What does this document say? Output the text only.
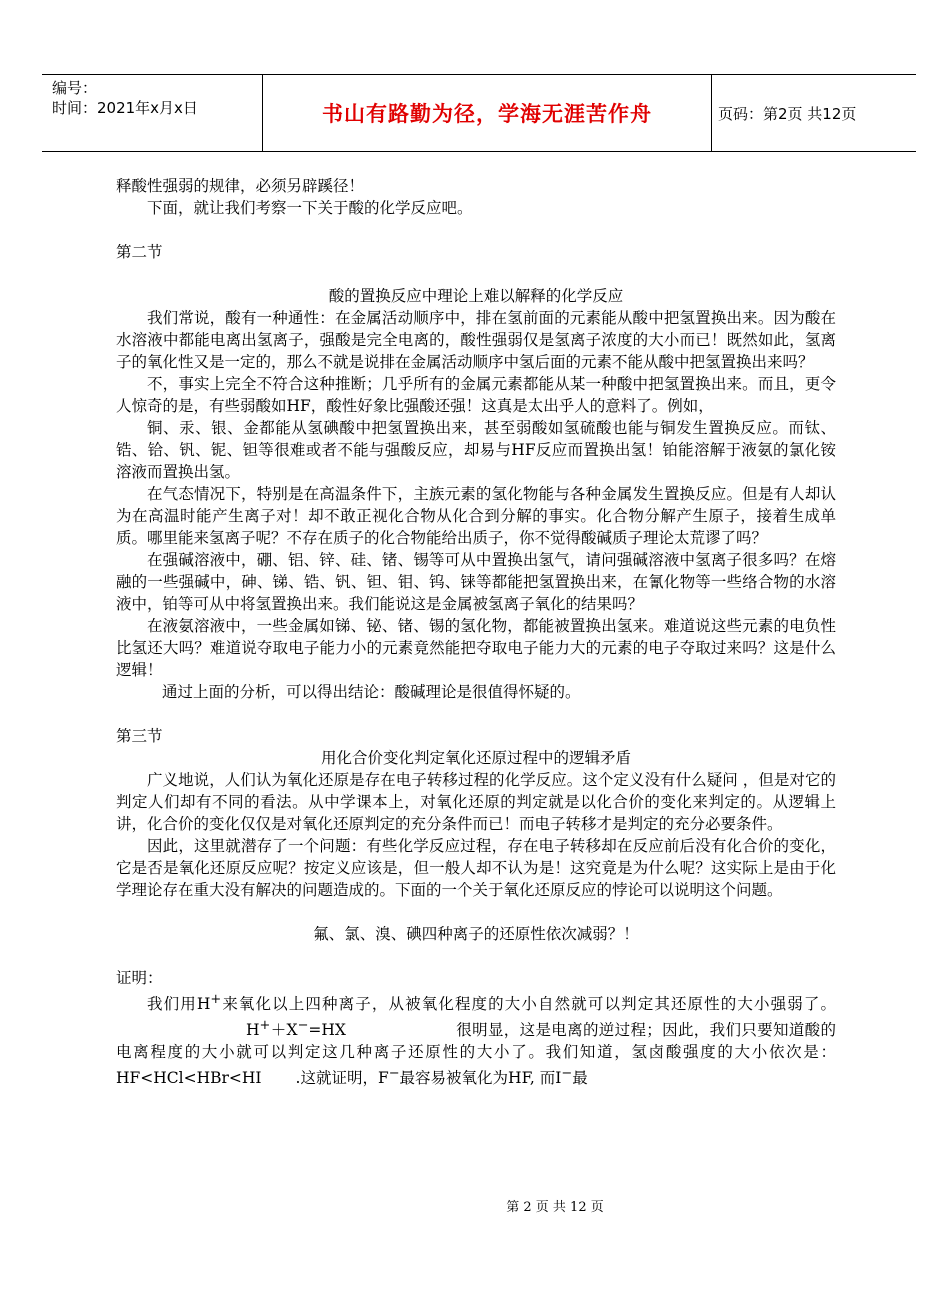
编号：
时间：2021年x月x日	书山有路勤为径，学海无涯苦作舟	页码：第2页 共12页

释酸性强弱的规律，必须另辟蹊径！

下面，就让我们考察一下关于酸的化学反应吧。

第二节

酸的置换反应中理论上难以解释的化学反应

我们常说，酸有一种通性：在金属活动顺序中，排在氢前面的元素能从酸中把氢置换出来。因为酸在水溶液中都能电离出氢离子，强酸是完全电离的，酸性强弱仅是氢离子浓度的大小而已！既然如此，氢离子的氧化性又是一定的，那么不就是说排在金属活动顺序中氢后面的元素不能从酸中把氢置换出来吗？

不，事实上完全不符合这种推断；几乎所有的金属元素都能从某一种酸中把氢置换出来。而且，更令人惊奇的是，有些弱酸如HF，酸性好象比强酸还强！这真是太出乎人的意料了。例如，

铜、汞、银、金都能从氢碘酸中把氢置换出来，甚至弱酸如氢硫酸也能与铜发生置换反应。而钛、锆、铪、钒、铌、钽等很难或者不能与强酸反应，却易与HF反应而置换出氢！铂能溶解于液氨的氯化铵溶液而置换出氢。

在气态情况下，特别是在高温条件下，主族元素的氢化物能与各种金属发生置换反应。但是有人却认为在高温时能产生离子对！却不敢正视化合物从化合到分解的事实。化合物分解产生原子，接着生成单质。哪里能来氢离子呢？不存在质子的化合物能给出质子，你不觉得酸碱质子理论太荒谬了吗？

在强碱溶液中，硼、铝、锌、硅、锗、锡等可从中置换出氢气，请问强碱溶液中氢离子很多吗？在熔融的一些强碱中，砷、锑、锆、钒、钽、钼、钨、铼等都能把氢置换出来，在氰化物等一些络合物的水溶液中，铂等可从中将氢置换出来。我们能说这是金属被氢离子氧化的结果吗？

在液氨溶液中，一些金属如锑、铋、锗、锡的氢化物，都能被置换出氢来。难道说这些元素的电负性比氢还大吗？难道说夺取电子能力小的元素竟然能把夺取电子能力大的元素的电子夺取过来吗？这是什么逻辑！

通过上面的分析，可以得出结论：酸碱理论是很值得怀疑的。

第三节

用化合价变化判定氧化还原过程中的逻辑矛盾

广义地说，人们认为氧化还原是存在电子转移过程的化学反应。这个定义没有什么疑问 ，但是对它的判定人们却有不同的看法。从中学课本上，对氧化还原的判定就是以化合价的变化来判定的。从逻辑上讲，化合价的变化仅仅是对氧化还原判定的充分条件而已！而电子转移才是判定的充分必要条件。

因此，这里就潜存了一个问题：有些化学反应过程，存在电子转移却在反应前后没有化合价的变化，它是否是氧化还原反应呢？按定义应该是，但一般人却不认为是！这究竟是为什么呢？这实际上是由于化学理论存在重大没有解决的问题造成的。下面的一个关于氧化还原反应的悖论可以说明这个问题。

氟、氯、溴、碘四种离子的还原性依次减弱？！

证明：

我们用H+来氧化以上四种离子，从被氧化程度的大小自然就可以判定其还原性的大小强弱了。H+＋X−=HX	很明显，这是电离的逆过程；因此，我们只要知道酸的电离程度的大小就可以判定这几种离子还原性的大小了。我们知道，氢卤酸强度的大小依次是：HF<HCl<HBr<HI .这就证明，F−最容易被氧化为HF, 而I−最

第 2 页 共 12 页
